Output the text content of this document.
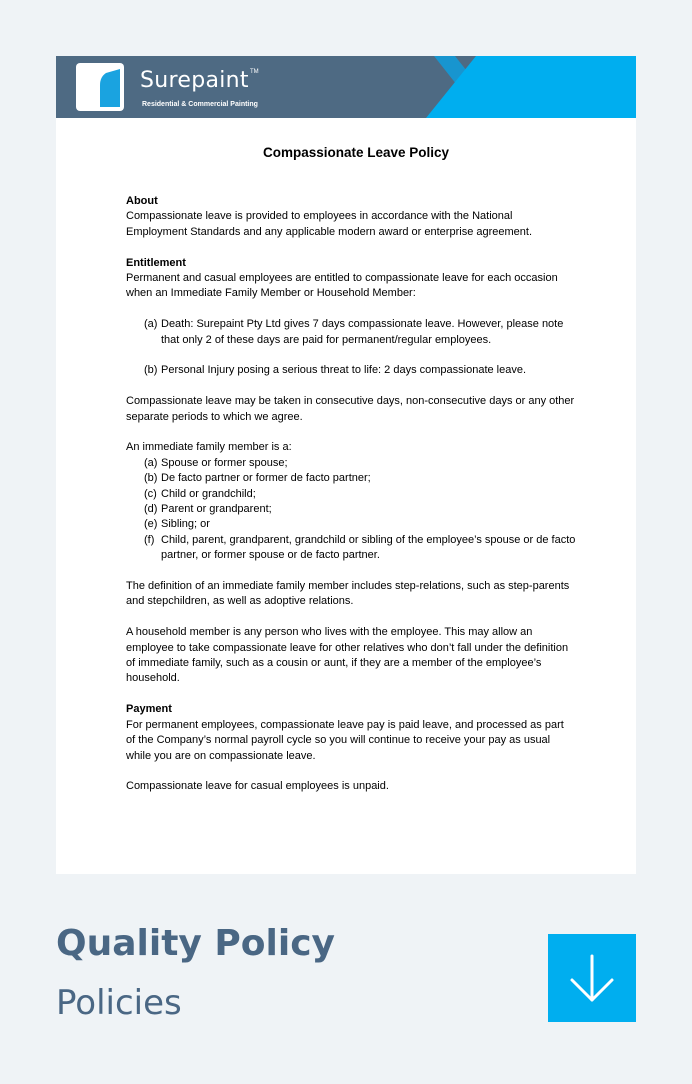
Surepaint TM
Residential & Commercial Painting
Compassionate Leave Policy
About

Compassionate leave is provided to employees in accordance with the National Employment Standards and any applicable modern award or enterprise agreement.

Entitlement

Permanent and casual employees are entitled to compassionate leave for each occasion when an Immediate Family Member or Household Member:

(a) Death: Surepaint Pty Ltd gives 7 days compassionate leave. However, please note that only 2 of these days are paid for permanent/regular employees.
(b) Personal Injury posing a serious threat to life: 2 days compassionate leave.

Compassionate leave may be taken in consecutive days, non-consecutive days or any other separate periods to which we agree.

An immediate family member is a:

(a) Spouse or former spouse;
(b) De facto partner or former de facto partner;
(c) Child or grandchild;
(d) Parent or grandparent;
(e) Sibling; or
(f) Child, parent, grandparent, grandchild or sibling of the employee’s spouse or de facto partner, or former spouse or de facto partner.

The definition of an immediate family member includes step-relations, such as step-parents and stepchildren, as well as adoptive relations.

A household member is any person who lives with the employee. This may allow an employee to take compassionate leave for other relatives who don’t fall under the definition of immediate family, such as a cousin or aunt, if they are a member of the employee’s household.

Payment

For permanent employees, compassionate leave pay is paid leave, and processed as part of the Company’s normal payroll cycle so you will continue to receive your pay as usual while you are on compassionate leave.

Compassionate leave for casual employees is unpaid.

Quality Policy
Policies
